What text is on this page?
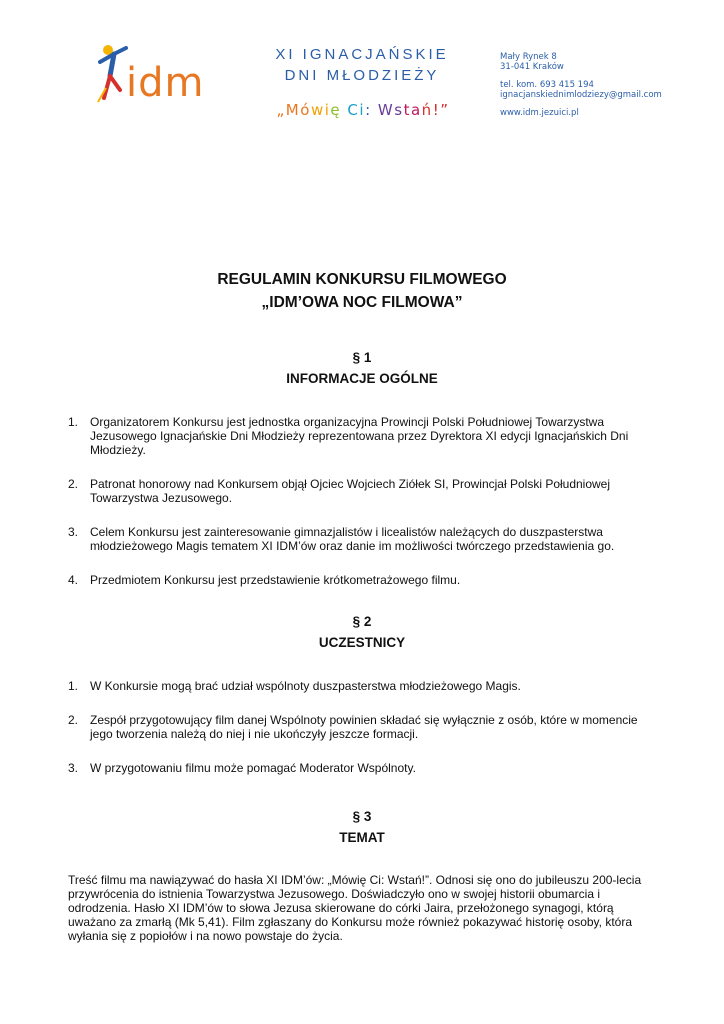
idm
XI IGNACJAŃSKIE
DNI MŁODZIEŻY
„Mówię Ci: Wstań!”
Mały Rynek 8
31-041 Kraków
tel. kom. 693 415 194
ignacjanskiednimlodziezy@gmail.com
www.idm.jezuici.pl
REGULAMIN KONKURSU FILMOWEGO
„IDM’OWA NOC FILMOWA”
§ 1
INFORMACJE OGÓLNE
1. Organizatorem Konkursu jest jednostka organizacyjna Prowincji Polski Południowej Towarzystwa Jezusowego Ignacjańskie Dni Młodzieży reprezentowana przez Dyrektora XI edycji Ignacjańskich Dni Młodzieży.
2. Patronat honorowy nad Konkursem objął Ojciec Wojciech Ziółek SI, Prowincjał Polski Południowej Towarzystwa Jezusowego.
3. Celem Konkursu jest zainteresowanie gimnazjalistów i licealistów należących do duszpasterstwa młodzieżowego Magis tematem XI IDM’ów oraz danie im możliwości twórczego przedstawienia go.
4. Przedmiotem Konkursu jest przedstawienie krótkometrażowego filmu.
§ 2
UCZESTNICY
1. W Konkursie mogą brać udział wspólnoty duszpasterstwa młodzieżowego Magis.
2. Zespół przygotowujący film danej Wspólnoty powinien składać się wyłącznie z osób, które w momencie jego tworzenia należą do niej i nie ukończyły jeszcze formacji.
3. W przygotowaniu filmu może pomagać Moderator Wspólnoty.
§ 3
TEMAT
Treść filmu ma nawiązywać do hasła XI IDM’ów: „Mówię Ci: Wstań!”. Odnosi się ono do jubileuszu 200-lecia przywrócenia do istnienia Towarzystwa Jezusowego. Doświadczyło ono w swojej historii obumarcia i odrodzenia. Hasło XI IDM’ów to słowa Jezusa skierowane do córki Jaira, przełożonego synagogi, którą uważano za zmarłą (Mk 5,41). Film zgłaszany do Konkursu może również pokazywać historię osoby, która wyłania się z popiołów i na nowo powstaje do życia.
